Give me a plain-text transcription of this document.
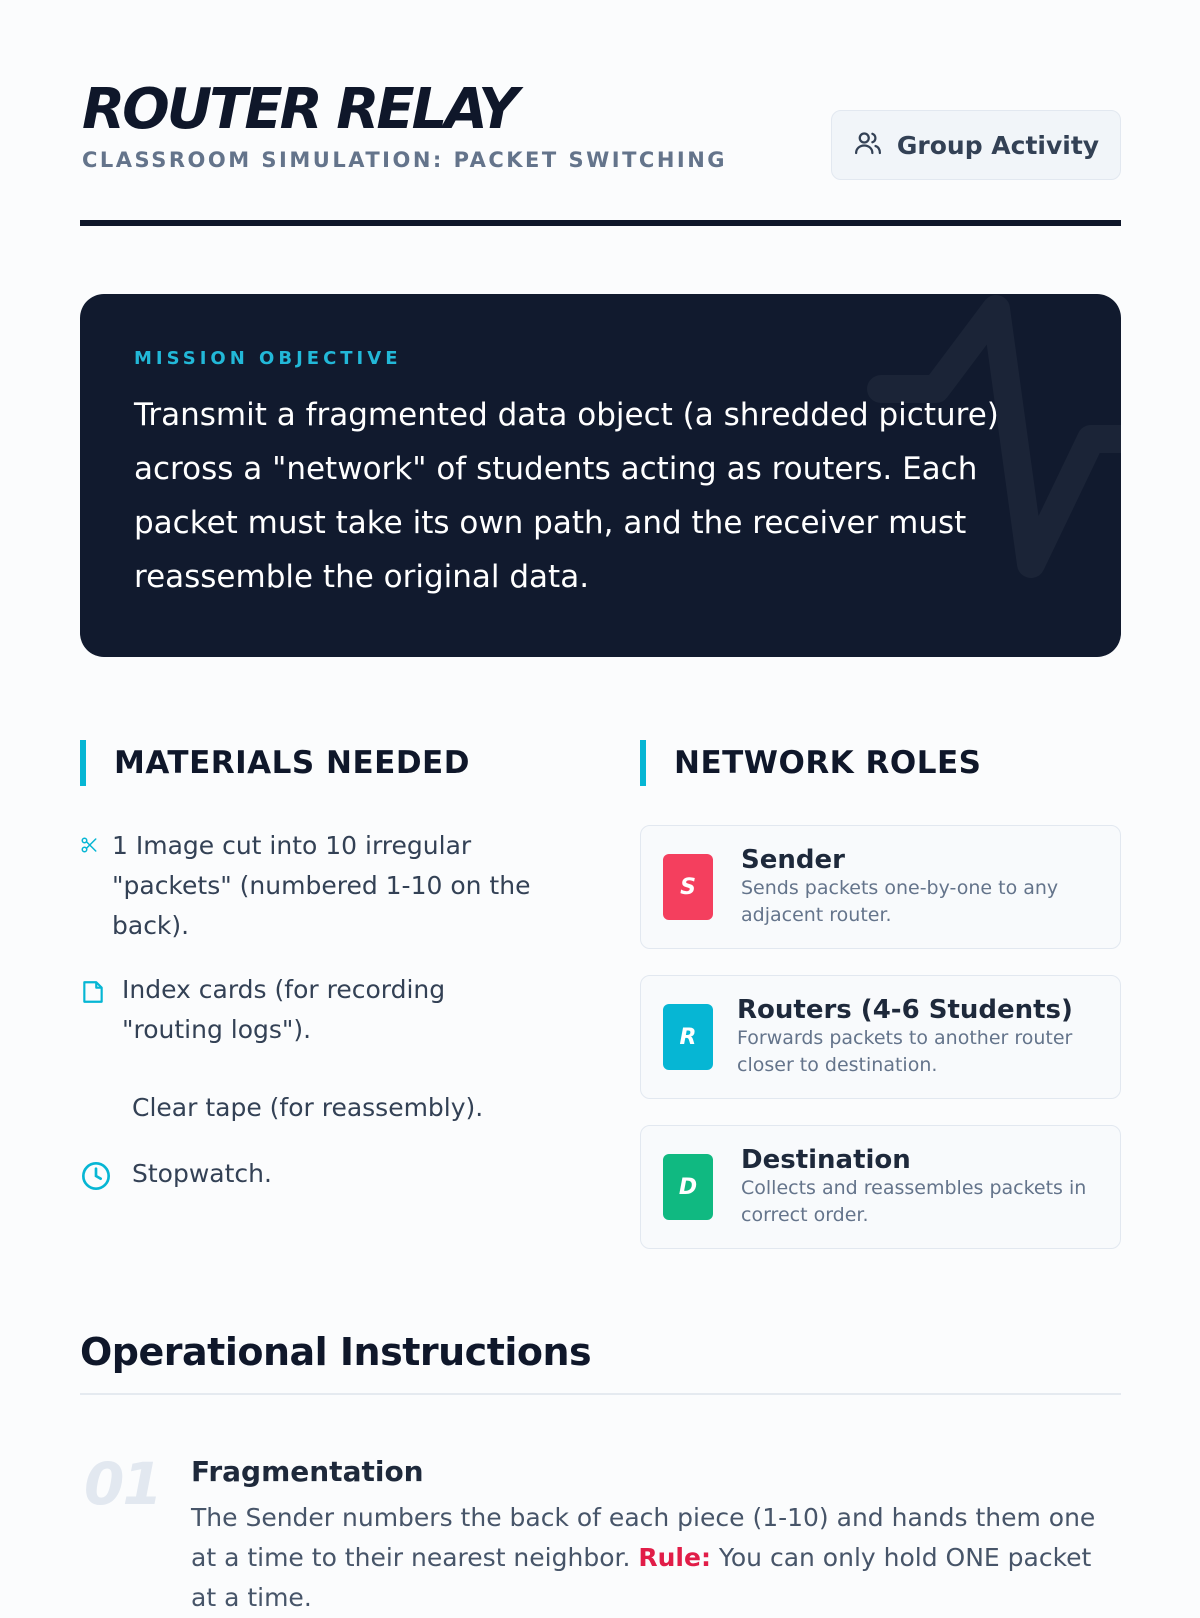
ROUTER RELAY

CLASSROOM SIMULATION: PACKET SWITCHING

Group Activity

MISSION OBJECTIVE

Transmit a fragmented data object (a shredded picture) across a "network" of students acting as routers. Each packet must take its own path, and the receiver must reassemble the original data.

MATERIALS NEEDED
1 Image cut into 10 irregular "packets" (numbered 1-10 on the back).
Index cards (for recording "routing logs").
Clear tape (for reassembly).
Stopwatch.
NETWORK ROLES
S
Sender
Sends packets one-by-one to any adjacent router.
R
Routers (4-6 Students)
Forwards packets to another router closer to destination.
D
Destination
Collects and reassembles packets in correct order.
Operational Instructions

01 Fragmentation

The Sender numbers the back of each piece (1-10) and hands them one at a time to their nearest neighbor. Rule: You can only hold ONE packet at a time.
